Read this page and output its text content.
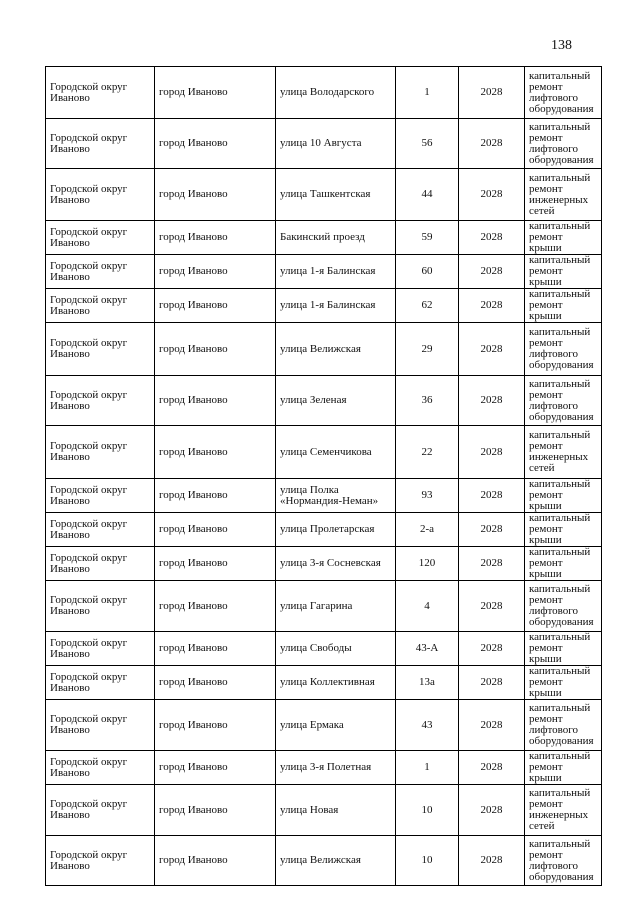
138
Городской округ Иваново	город Иваново	улица Володарского	1	2028	капитальный ремонт лифтового оборудования
Городской округ Иваново	город Иваново	улица 10 Августа	56	2028	капитальный ремонт лифтового оборудования
Городской округ Иваново	город Иваново	улица Ташкентская	44	2028	капитальный ремонт инженерных сетей
Городской округ Иваново	город Иваново	Бакинский проезд	59	2028	капитальный ремонт крыши
Городской округ Иваново	город Иваново	улица 1-я Балинская	60	2028	капитальный ремонт крыши
Городской округ Иваново	город Иваново	улица 1-я Балинская	62	2028	капитальный ремонт крыши
Городской округ Иваново	город Иваново	улица Велижская	29	2028	капитальный ремонт лифтового оборудования
Городской округ Иваново	город Иваново	улица Зеленая	36	2028	капитальный ремонт лифтового оборудования
Городской округ Иваново	город Иваново	улица Семенчикова	22	2028	капитальный ремонт инженерных сетей
Городской округ Иваново	город Иваново	улица Полка «Нормандия-Неман»	93	2028	капитальный ремонт крыши
Городской округ Иваново	город Иваново	улица Пролетарская	2-а	2028	капитальный ремонт крыши
Городской округ Иваново	город Иваново	улица 3-я Сосневская	120	2028	капитальный ремонт крыши
Городской округ Иваново	город Иваново	улица Гагарина	4	2028	капитальный ремонт лифтового оборудования
Городской округ Иваново	город Иваново	улица Свободы	43-А	2028	капитальный ремонт крыши
Городской округ Иваново	город Иваново	улица Коллективная	13а	2028	капитальный ремонт крыши
Городской округ Иваново	город Иваново	улица Ермака	43	2028	капитальный ремонт лифтового оборудования
Городской округ Иваново	город Иваново	улица 3-я Полетная	1	2028	капитальный ремонт крыши
Городской округ Иваново	город Иваново	улица Новая	10	2028	капитальный ремонт инженерных сетей
Городской округ Иваново	город Иваново	улица Велижская	10	2028	капитальный ремонт лифтового оборудования
